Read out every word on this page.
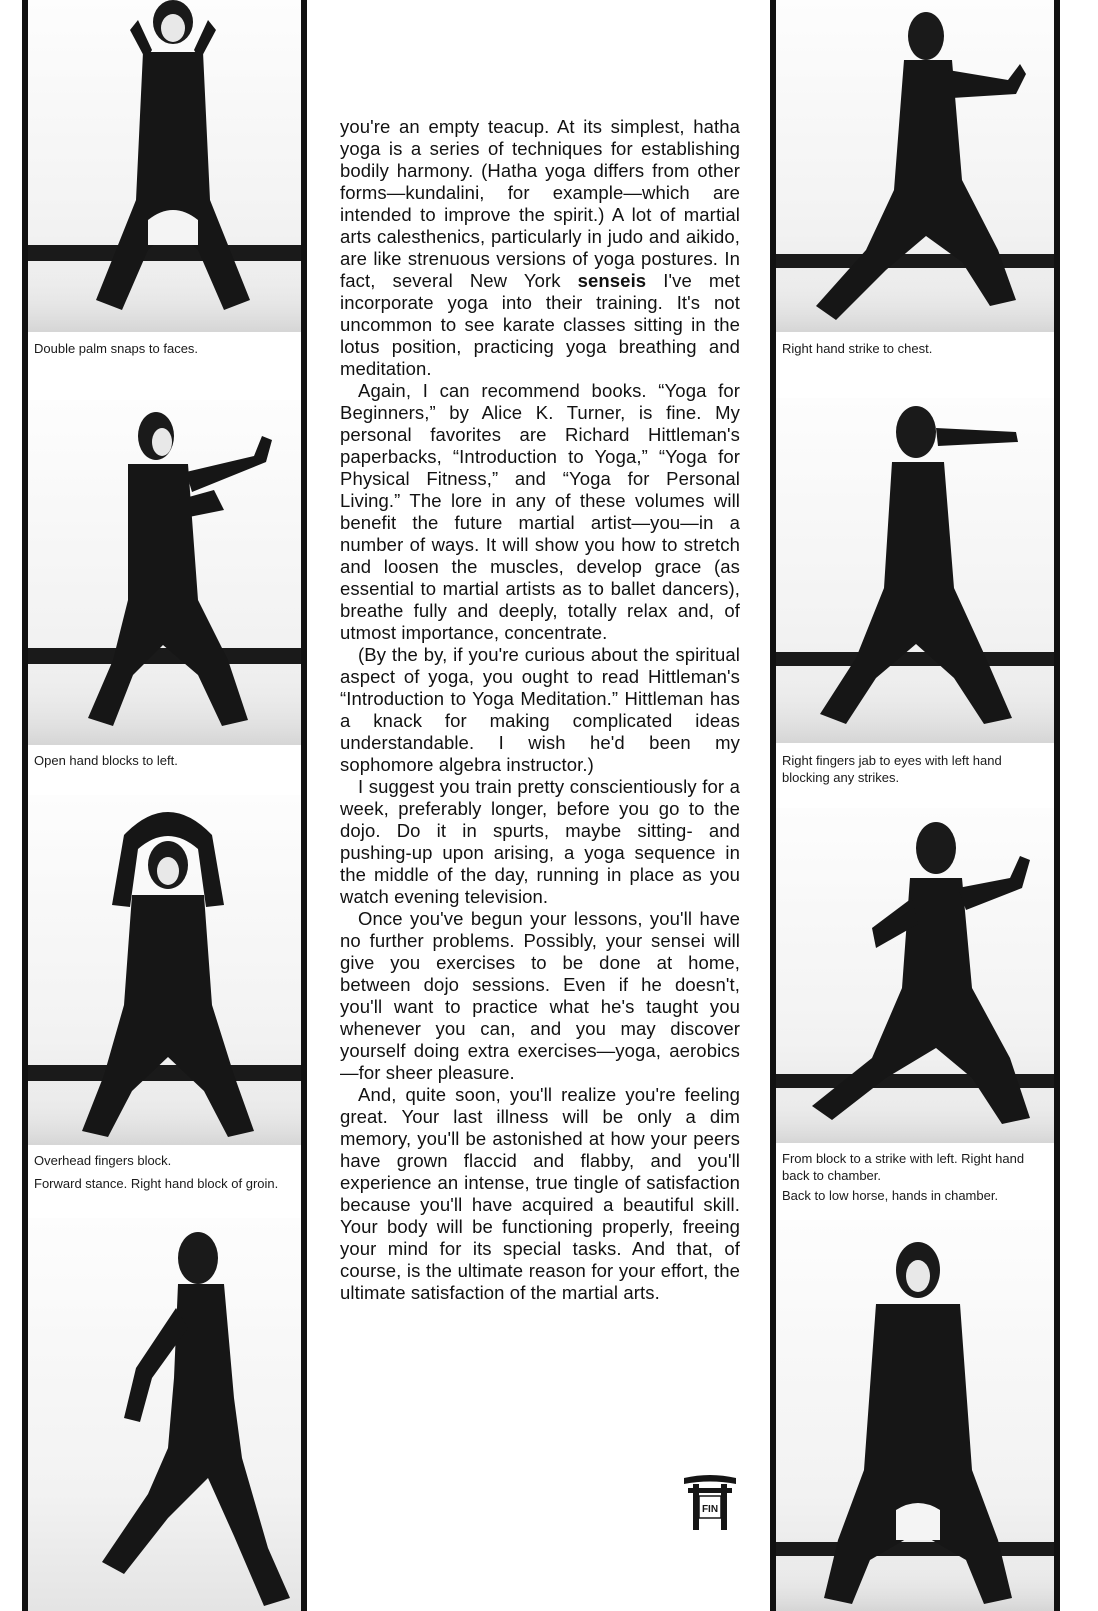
Double palm snaps to faces.

Open hand blocks to left.

Overhead fingers block.

Forward stance. Right hand block of groin.

you're an empty teacup. At its simplest, hatha yoga is a series of techniques for establishing bodily harmony. (Hatha yoga differs from other forms—kundalini, for example—which are intended to improve the spirit.) A lot of martial arts calesthenics, particularly in judo and aikido, are like strenuous versions of yoga postures. In fact, several New York senseis I've met incorporate yoga into their training. It's not uncommon to see karate classes sitting in the lotus position, practicing yoga breathing and meditation.

Again, I can recommend books. “Yoga for Beginners,” by Alice K. Turner, is fine. My personal favorites are Richard Hittleman's paperbacks, “Introduction to Yoga,” “Yoga for Physical Fitness,” and “Yoga for Personal Living.” The lore in any of these volumes will benefit the future martial artist—you—in a number of ways. It will show you how to stretch and loosen the muscles, develop grace (as essential to martial artists as to ballet dancers), breathe fully and deeply, totally relax and, of utmost importance, concentrate.

(By the by, if you're curious about the spiritual aspect of yoga, you ought to read Hittleman's “Introduction to Yoga Meditation.” Hittleman has a knack for making complicated ideas understandable. I wish he'd been my sophomore algebra instructor.)

I suggest you train pretty conscientiously for a week, preferably longer, before you go to the dojo. Do it in spurts, maybe sitting- and pushing-up upon arising, a yoga sequence in the middle of the day, running in place as you watch evening television.

Once you've begun your lessons, you'll have no further problems. Possibly, your sensei will give you exercises to be done at home, between dojo sessions. Even if he doesn't, you'll want to practice what he's taught you whenever you can, and you may discover yourself doing extra exercises—yoga, aerobics—for sheer pleasure.

And, quite soon, you'll realize you're feeling great. Your last illness will be only a dim memory, you'll be astonished at how your peers have grown flaccid and flabby, and you'll experience an intense, true tingle of satisfaction because you'll have acquired a beautiful skill. Your body will be functioning properly, freeing your mind for its special tasks. And that, of course, is the ultimate reason for your effort, the ultimate satisfaction of the martial arts.

FIN

Right hand strike to chest.

Right fingers jab to eyes with left hand blocking any strikes.

From block to a strike with left. Right hand back to chamber.

Back to low horse, hands in chamber.
